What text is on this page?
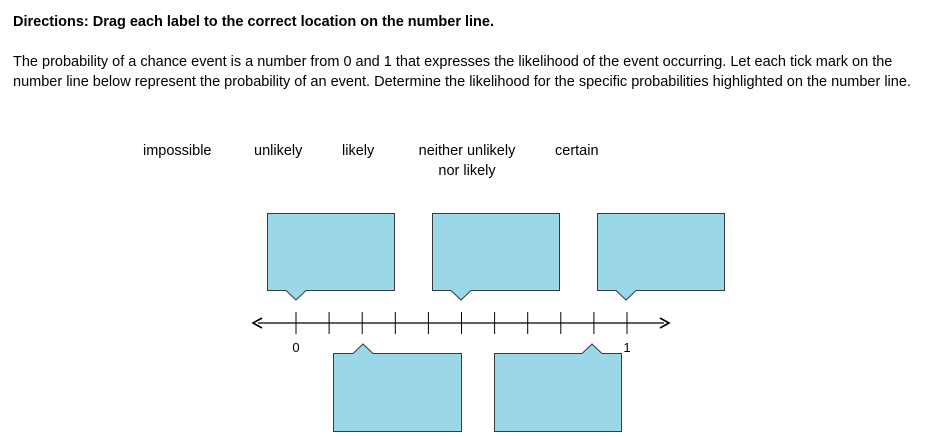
Directions: Drag each label to the correct location on the number line.
The probability of a chance event is a number from 0 and 1 that expresses the likelihood of the event occurring. Let each tick mark on the number line below represent the probability of an event. Determine the likelihood for the specific probabilities highlighted on the number line.
impossible	unlikely	likely	neither unlikely
nor likely
certain
0	1
